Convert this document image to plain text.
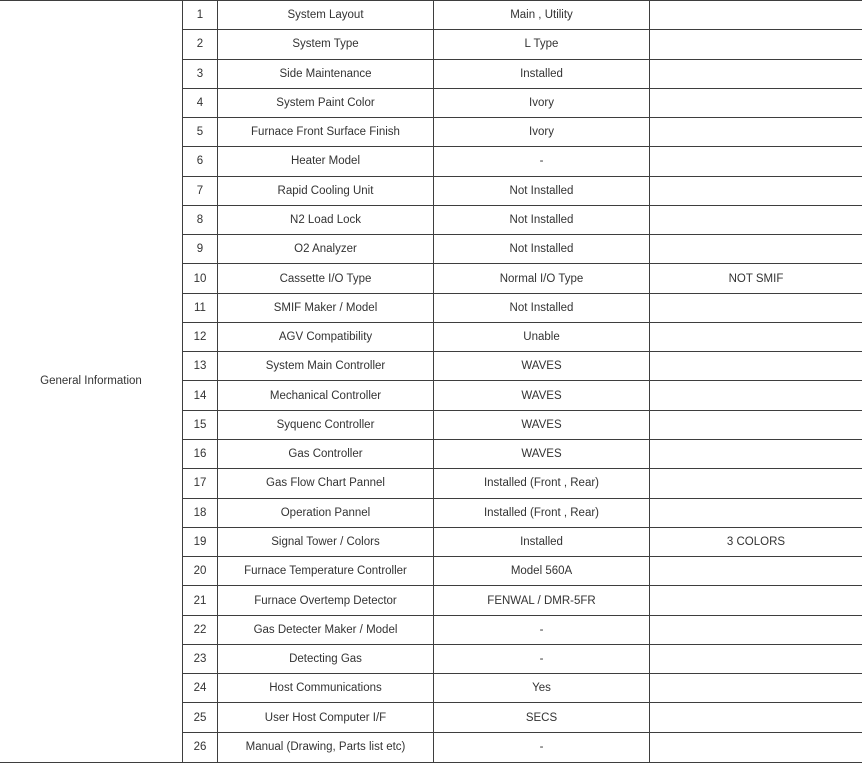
General Information
1	System Layout	Main , Utility
2	System Type	L Type
3	Side Maintenance	Installed
4	System Paint Color	Ivory
5	Furnace Front Surface Finish	Ivory
6	Heater Model	-
7	Rapid Cooling Unit	Not Installed
8	N2 Load Lock	Not Installed
9	O2 Analyzer	Not Installed
10	Cassette I/O Type	Normal I/O Type	NOT SMIF
11	SMIF Maker / Model	Not Installed
12	AGV Compatibility	Unable
13	System Main Controller	WAVES
14	Mechanical Controller	WAVES
15	Syquenc Controller	WAVES
16	Gas Controller	WAVES
17	Gas Flow Chart Pannel	Installed (Front , Rear)
18	Operation Pannel	Installed (Front , Rear)
19	Signal Tower / Colors	Installed	3 COLORS
20	Furnace Temperature Controller	Model 560A
21	Furnace Overtemp Detector	FENWAL / DMR-5FR
22	Gas Detecter Maker / Model	-
23	Detecting Gas	-
24	Host Communications	Yes
25	User Host Computer I/F	SECS
26	Manual (Drawing, Parts list etc)	-
